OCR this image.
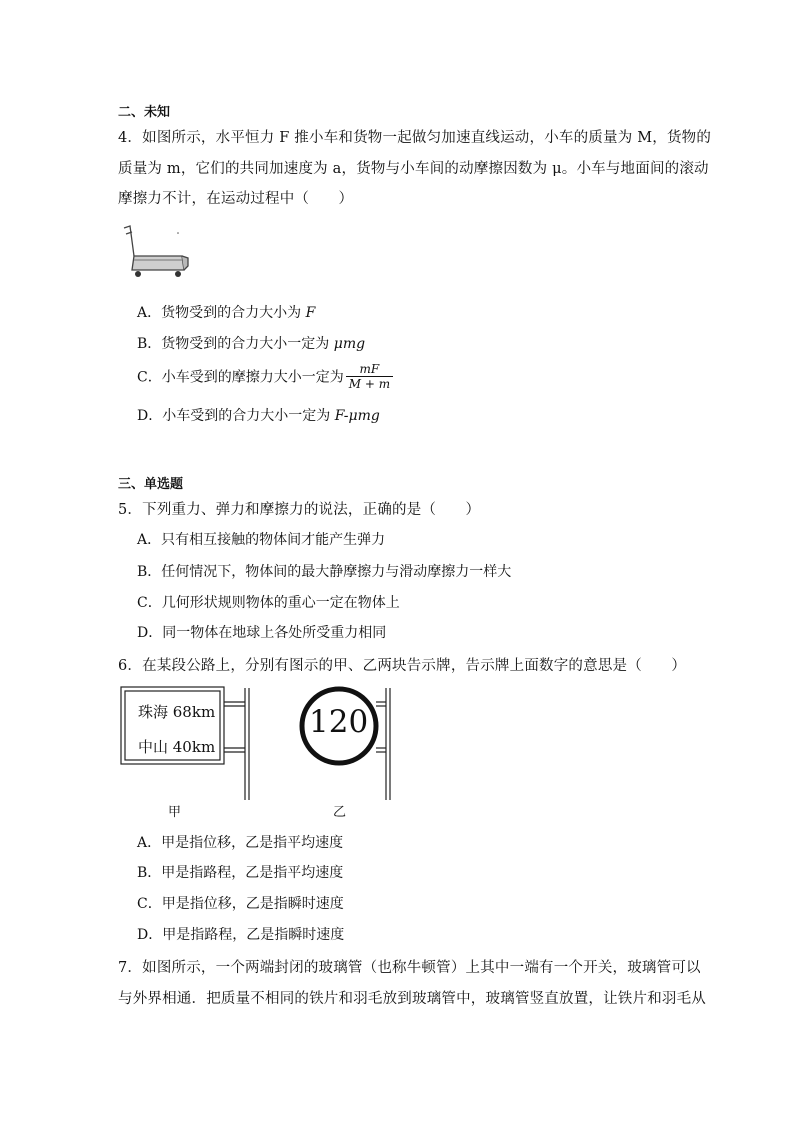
二、未知
4．如图所示，水平恒力 F 推小车和货物一起做匀加速直线运动，小车的质量为 M，货物的
质量为 m，它们的共同加速度为 a，货物与小车间的动摩擦因数为 μ。小车与地面间的滚动
摩擦力不计，在运动过程中（　　）
A．货物受到的合力大小为 F
B．货物受到的合力大小一定为 μmg
C．小车受到的摩擦力大小一定为 $\frac{mF}{M + m}$
D．小车受到的合力大小一定为 F-μmg
三、单选题
5．下列重力、弹力和摩擦力的说法，正确的是（　　）
A．只有相互接触的物体间才能产生弹力
B．任何情况下，物体间的最大静摩擦力与滑动摩擦力一样大
C．几何形状规则物体的重心一定在物体上
D．同一物体在地球上各处所受重力相同
6．在某段公路上，分别有图示的甲、乙两块告示牌，告示牌上面数字的意思是（　　）
珠海 68km
中山 40km
甲
120
乙
A．甲是指位移，乙是指平均速度
B．甲是指路程，乙是指平均速度
C．甲是指位移，乙是指瞬时速度
D．甲是指路程，乙是指瞬时速度
7．如图所示，一个两端封闭的玻璃管（也称牛顿管）上其中一端有一个开关，玻璃管可以
与外界相通．把质量不相同的铁片和羽毛放到玻璃管中，玻璃管竖直放置，让铁片和羽毛从
